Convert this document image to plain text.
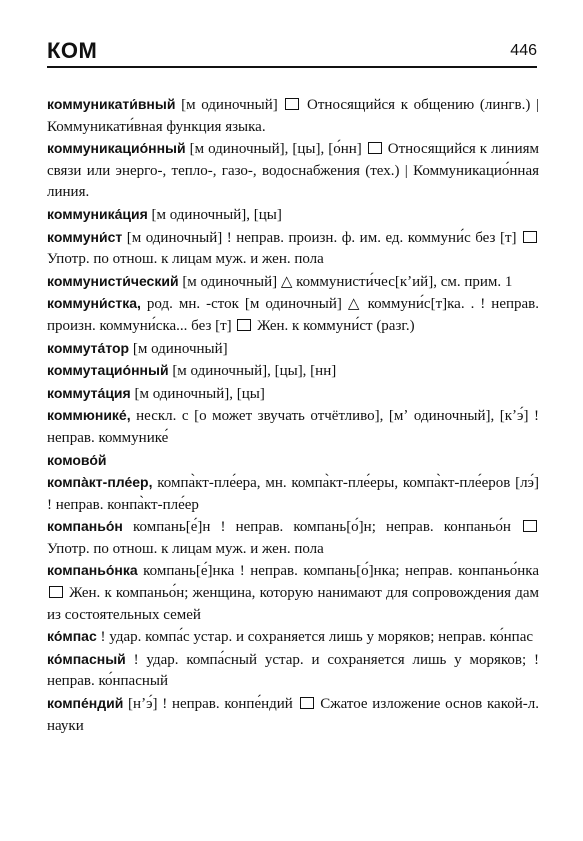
КОМ	446
коммуникати́вный [м одиночный] Относящийся к общению (лингв.) | Коммуникати́вная функция языка.
коммуникацио́нный [м одиночный], [цы], [о́нн] Относящийся к линиям связи или энерго-, тепло-, газо-, водоснабжения (тех.) | Коммуникацио́нная линия.
коммуника́ция [м одиночный], [цы]
коммуни́ст [м одиночный] ! неправ. произн. ф. им. ед. коммуни́с без [т]  Употр. по отнош. к лицам муж. и жен. пола
коммунисти́ческий [м одиночный] △ коммунисти́чес[кʼий], см. прим. 1
коммуни́стка, род. мн. -сток [м одиночный] △ коммуни́с[т]ка. . ! неправ. произн. коммуни́ска... без [т] Жен. к коммуни́ст (разг.)
коммута́тор [м одиночный]
коммутацио́нный [м одиночный], [цы], [нн]
коммута́ция [м одиночный], [цы]
коммюнике́, нескл. с [о может звучать отчётливо], [мʼ одиночный], [кʼэ́] ! неправ. коммунике́
комово́й
компа̀кт-пле́ер, компа̀кт-пле́ера, мн. компа̀кт-пле́еры, компа̀кт-пле́еров [лэ́] ! неправ. конпа̀кт-пле́ер
компаньо́н компань[е́]н ! неправ. компань[о́]н; неправ. конпаньо́н  Употр. по отнош. к лицам муж. и жен. пола
компаньо́нка компань[е́]нка ! неправ. компань[о́]нка; неправ. конпаньо́нка  Жен. к компаньо́н; женщина, которую нанимают для сопровождения дам из состоятельных семей
ко́мпас ! удар. компа́с устар. и сохраняется лишь у моряков; неправ. ко́нпас
ко́мпасный ! удар. компа́сный устар. и сохраняется лишь у моряков; ! неправ. ко́нпасный
компе́ндий [нʼэ́] ! неправ. конпе́ндий Сжатое изложение основ какой-л. науки
